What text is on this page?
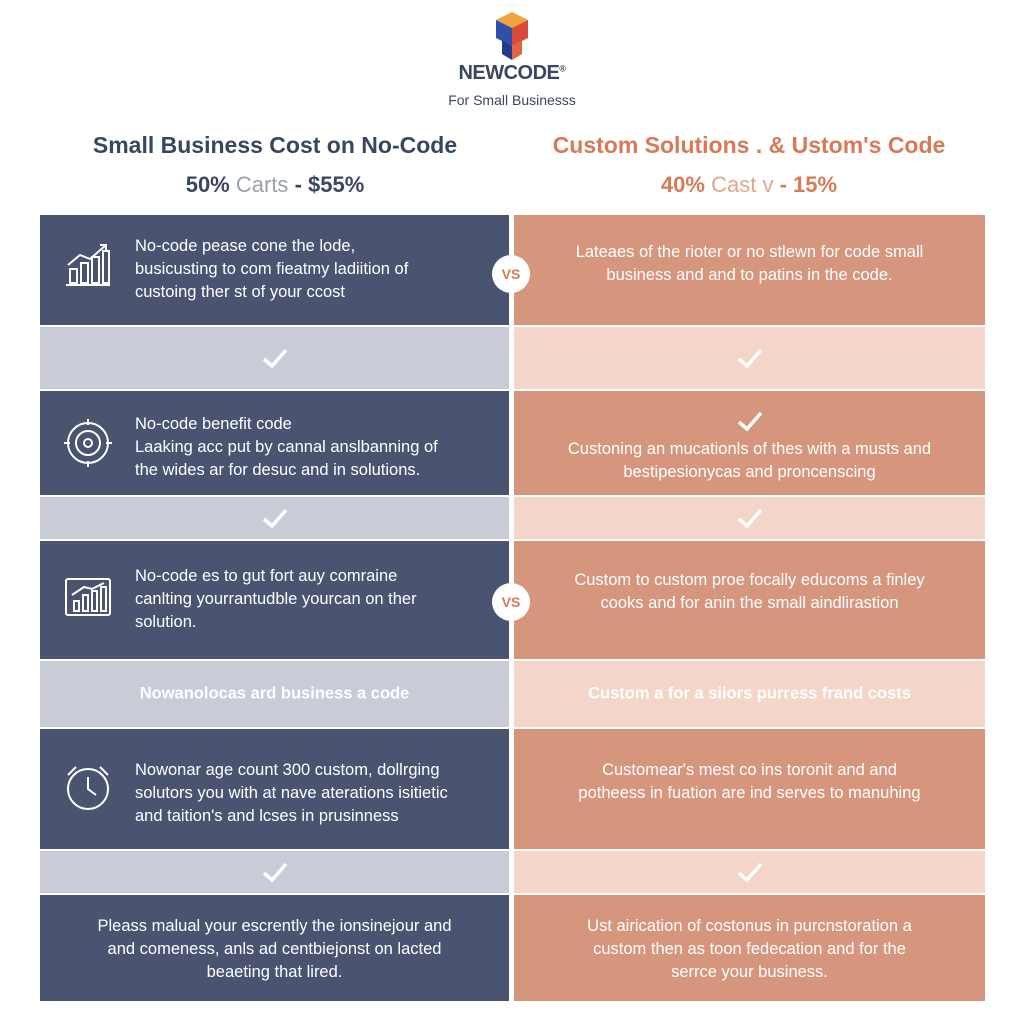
NEWCODE®
For Small Businesss
Small Business Cost on No-Code
50% Carts - $55%
Custom Solutions . & Ustom's Code
40% Cast v - 15%
No-code pease cone the lode,
busicusting to com fieatmy ladiition of
custoing ther st of your ccost
Lateaes of the rioter or no stlewn for code small
business and and to patins in the code.
No-code benefit code
Laaking acc put by cannal anslbanning of
the wides ar for desuc and in solutions.
Custoning an mucationls of thes with a musts and
bestipesionycas and proncenscing
No-code es to gut fort auy comraine
canlting yourrantudble yourcan on ther
solution.
Custom to custom proe focally educoms a finley
cooks and for anin the small aindlirastion
Nowanolocas ard business a code	Custom a for a siiors purress frand costs
Nowonar age count 300 custom, dollrging
solutors you with at nave aterations isitietic
and taition's and lcses in prusinness
Customear's mest co ins toronit and and
potheess in fuation are ind serves to manuhing
Pleass malual your escrently the ionsinejour and
and comeness, anls ad centbiejonst on lacted
beaeting that lired.
Ust airication of costonus in purcnstoration a
custom then as toon fedecation and for the
serrce your business.
VS
VS
